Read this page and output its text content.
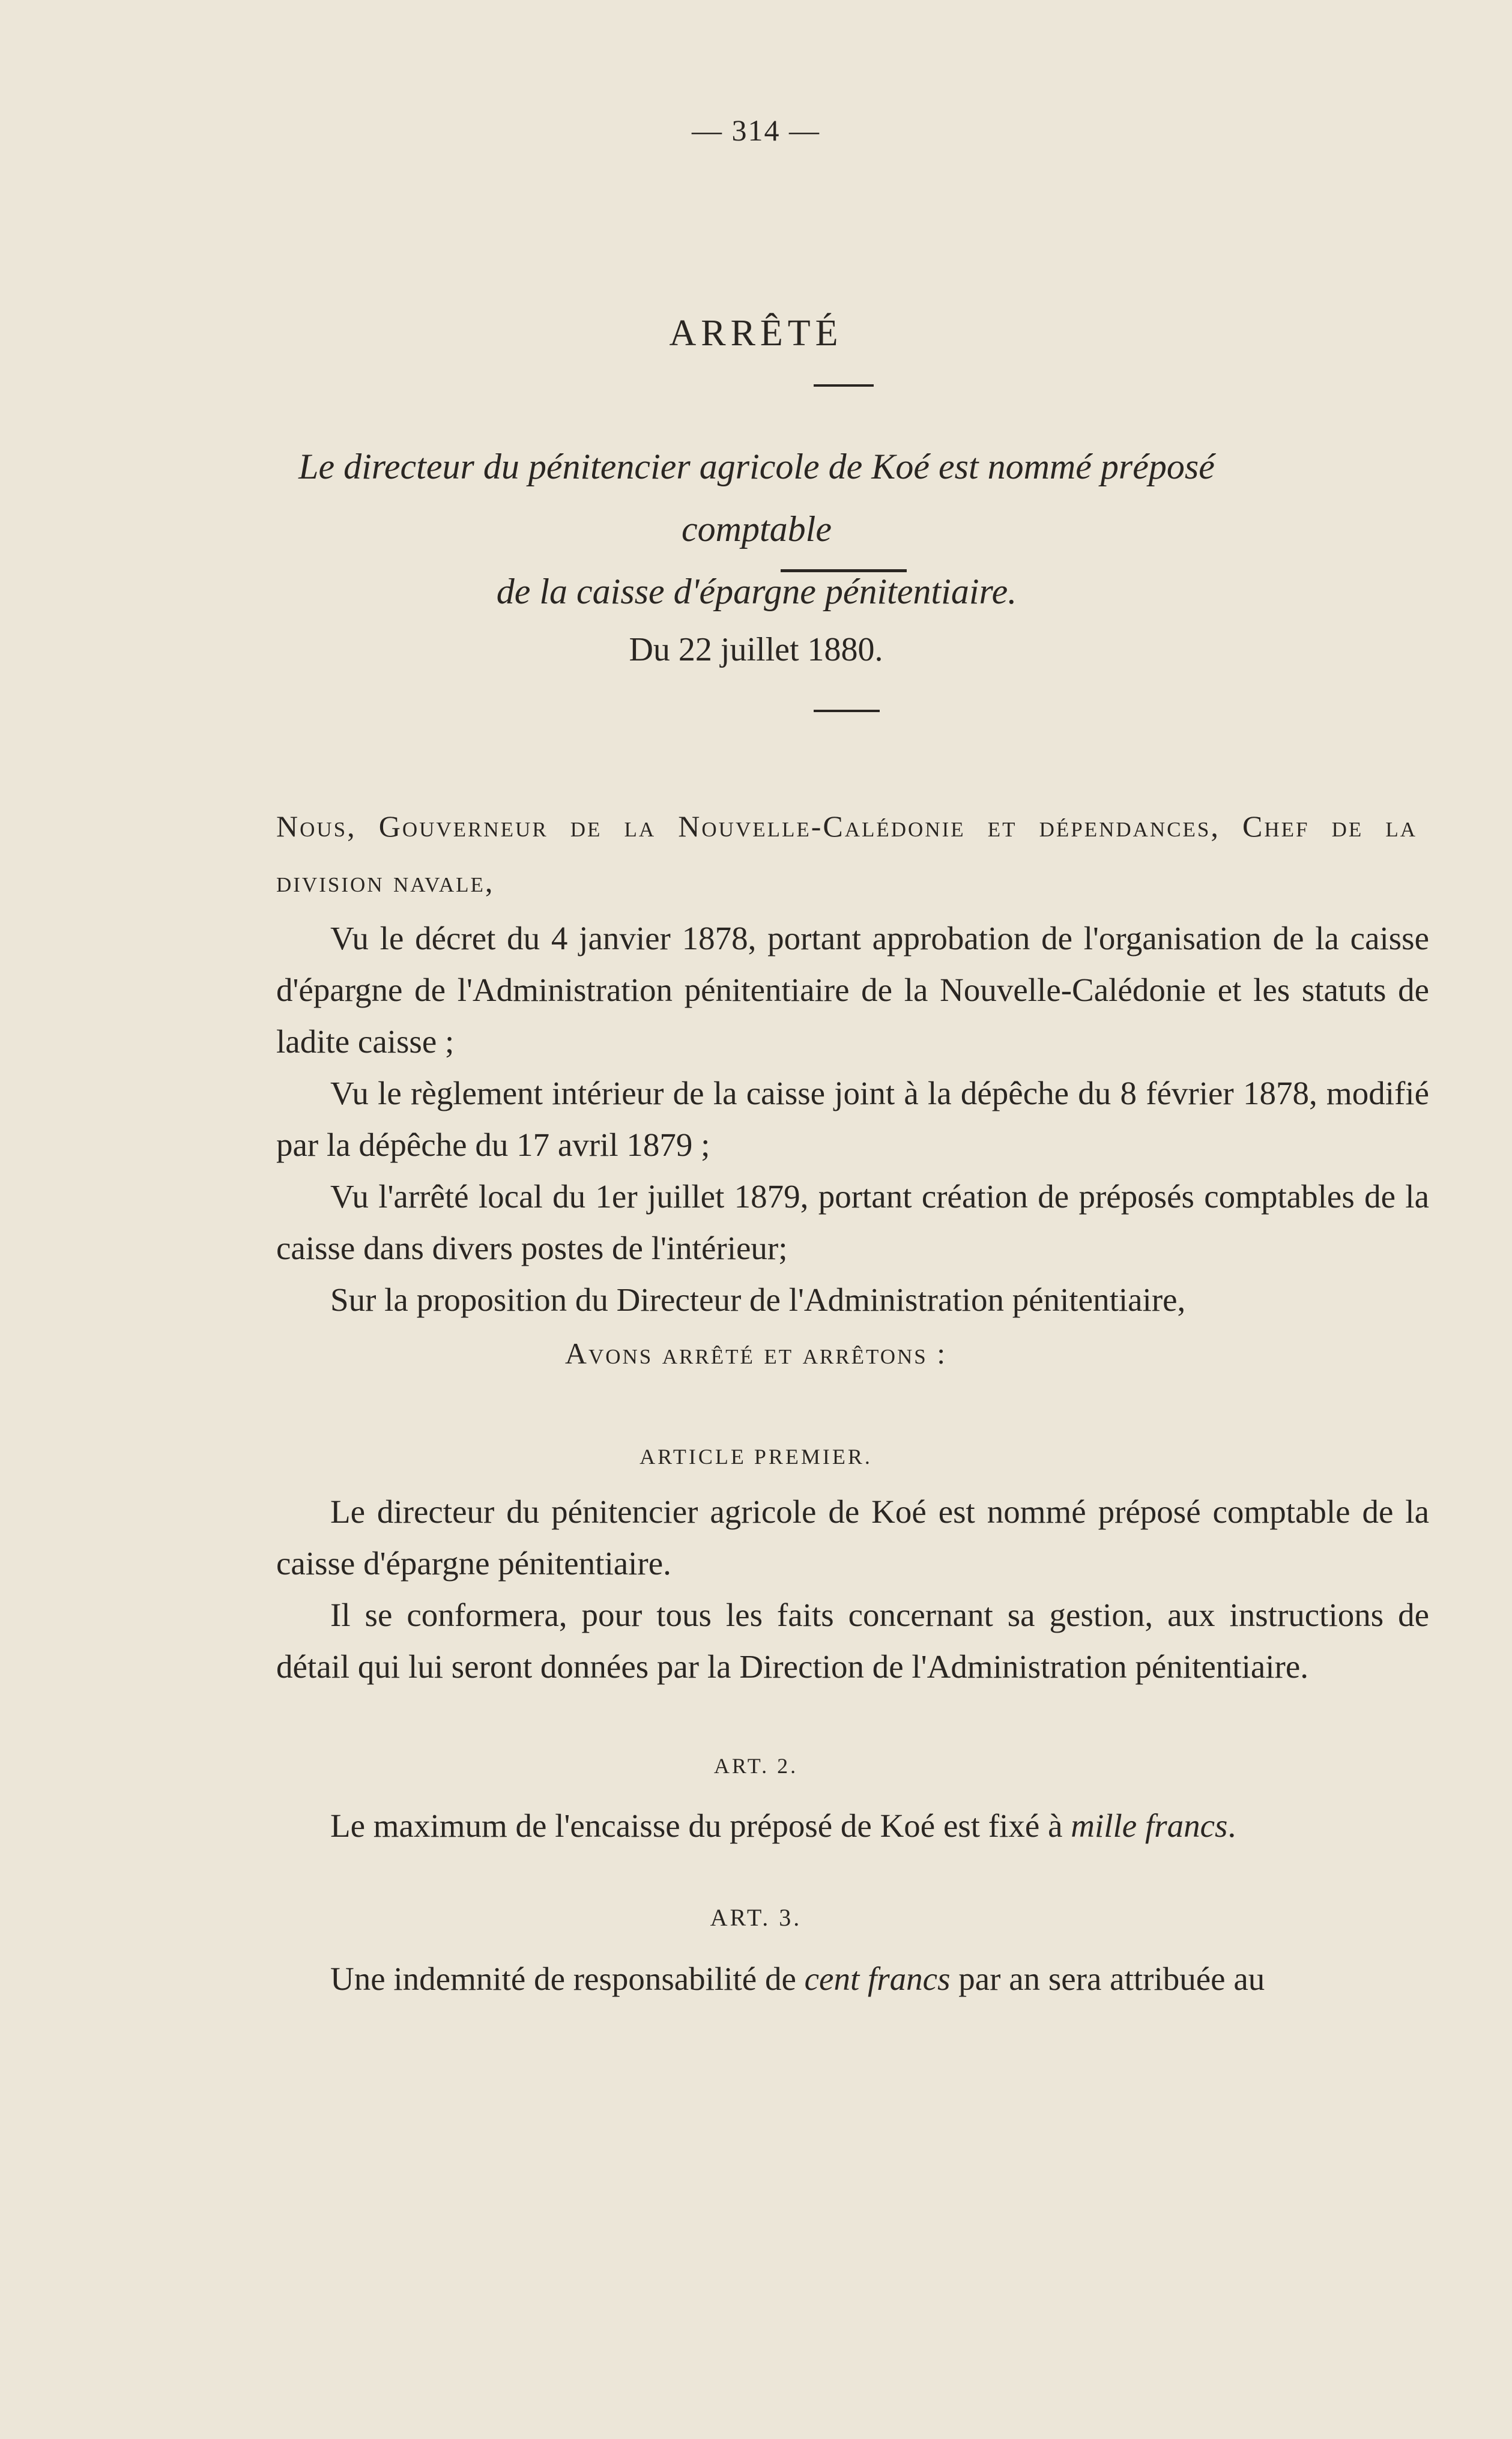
— 314 —
ARRÊTÉ
Le directeur du pénitencier agricole de Koé est nommé préposé comptable
de la caisse d'épargne pénitentiaire.
Du 22 juillet 1880.
Nous, Gouverneur de la Nouvelle-Calédonie et dépendances, Chef de la division navale,

Vu le décret du 4 janvier 1878, portant approbation de l'organisation de la caisse d'épargne de l'Administration pénitentiaire de la Nouvelle-Calédonie et les statuts de ladite caisse ;

Vu le règlement intérieur de la caisse joint à la dépêche du 8 février 1878, modifié par la dépêche du 17 avril 1879 ;

Vu l'arrêté local du 1er juillet 1879, portant création de préposés comptables de la caisse dans divers postes de l'intérieur;

Sur la proposition du Directeur de l'Administration pénitentiaire,

Avons arrêté et arrêtons :
ARTICLE PREMIER.

Le directeur du pénitencier agricole de Koé est nommé préposé comptable de la caisse d'épargne pénitentiaire.

Il se conformera, pour tous les faits concernant sa gestion, aux instructions de détail qui lui seront données par la Direction de l'Administration pénitentiaire.

ART. 2.

Le maximum de l'encaisse du préposé de Koé est fixé à mille francs.

ART. 3.

Une indemnité de responsabilité de cent francs par an sera attribuée au
